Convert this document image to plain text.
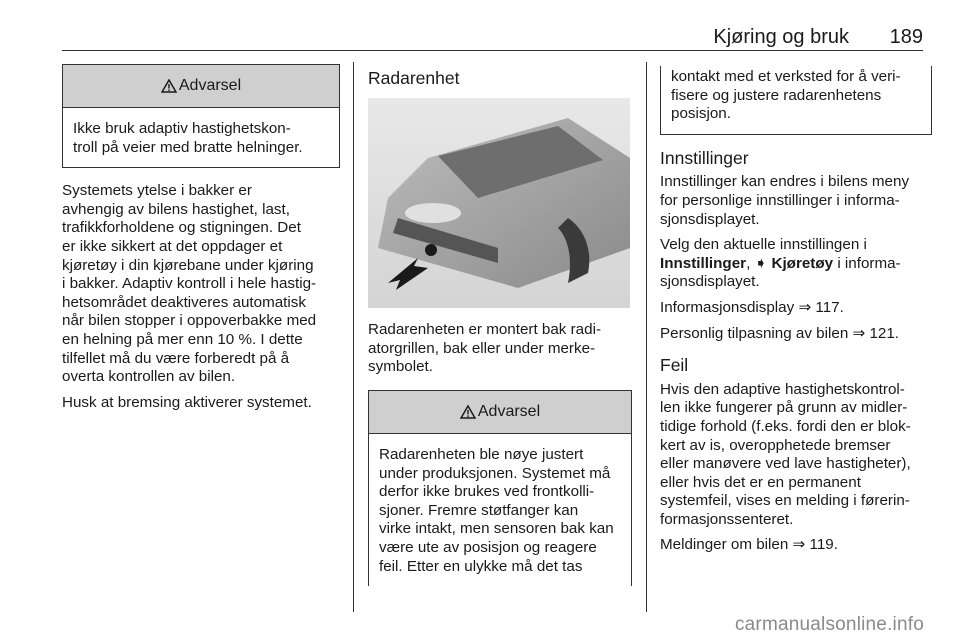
Kjøring og bruk 189
Advarsel
Ikke bruk adaptiv hastighetskon-
troll på veier med bratte helninger.

Systemets ytelse i bakker er
avhengig av bilens hastighet, last,
trafikkforholdene og stigningen. Det
er ikke sikkert at det oppdager et
kjøretøy i din kjørebane under kjøring
i bakker. Adaptiv kontroll i hele hastig-
hetsområdet deaktiveres automatisk
når bilen stopper i oppoverbakke med
en helning på mer enn 10 %. I dette
tilfellet må du være forberedt på å
overta kontrollen av bilen.

Husk at bremsing aktiverer systemet.

Radarenhet

Radarenheten er montert bak radi-
atorgrillen, bak eller under merke-
symbolet.

Advarsel
Radarenheten ble nøye justert
under produksjonen. Systemet må
derfor ikke brukes ved frontkolli-
sjoner. Fremre støtfanger kan
virke intakt, men sensoren bak kan
være ute av posisjon og reagere
feil. Etter en ulykke må det tas
kontakt med et verksted for å veri-
fisere og justere radarenhetens
posisjon.
Innstillinger

Innstillinger kan endres i bilens meny
for personlige innstillinger i informa-
sjonsdisplayet.

Velg den aktuelle innstillingen i
Innstillinger, ➧ Kjøretøy i informa-
sjonsdisplayet.

Informasjonsdisplay ⇒ 117.

Personlig tilpasning av bilen ⇒ 121.

Feil

Hvis den adaptive hastighetskontrol-
len ikke fungerer på grunn av midler-
tidige forhold (f.eks. fordi den er blok-
kert av is, overopphetede bremser
eller manøvere ved lave hastigheter),
eller hvis det er en permanent
systemfeil, vises en melding i førerin-
formasjonssenteret.

Meldinger om bilen ⇒ 119.

carmanualsonline.info
